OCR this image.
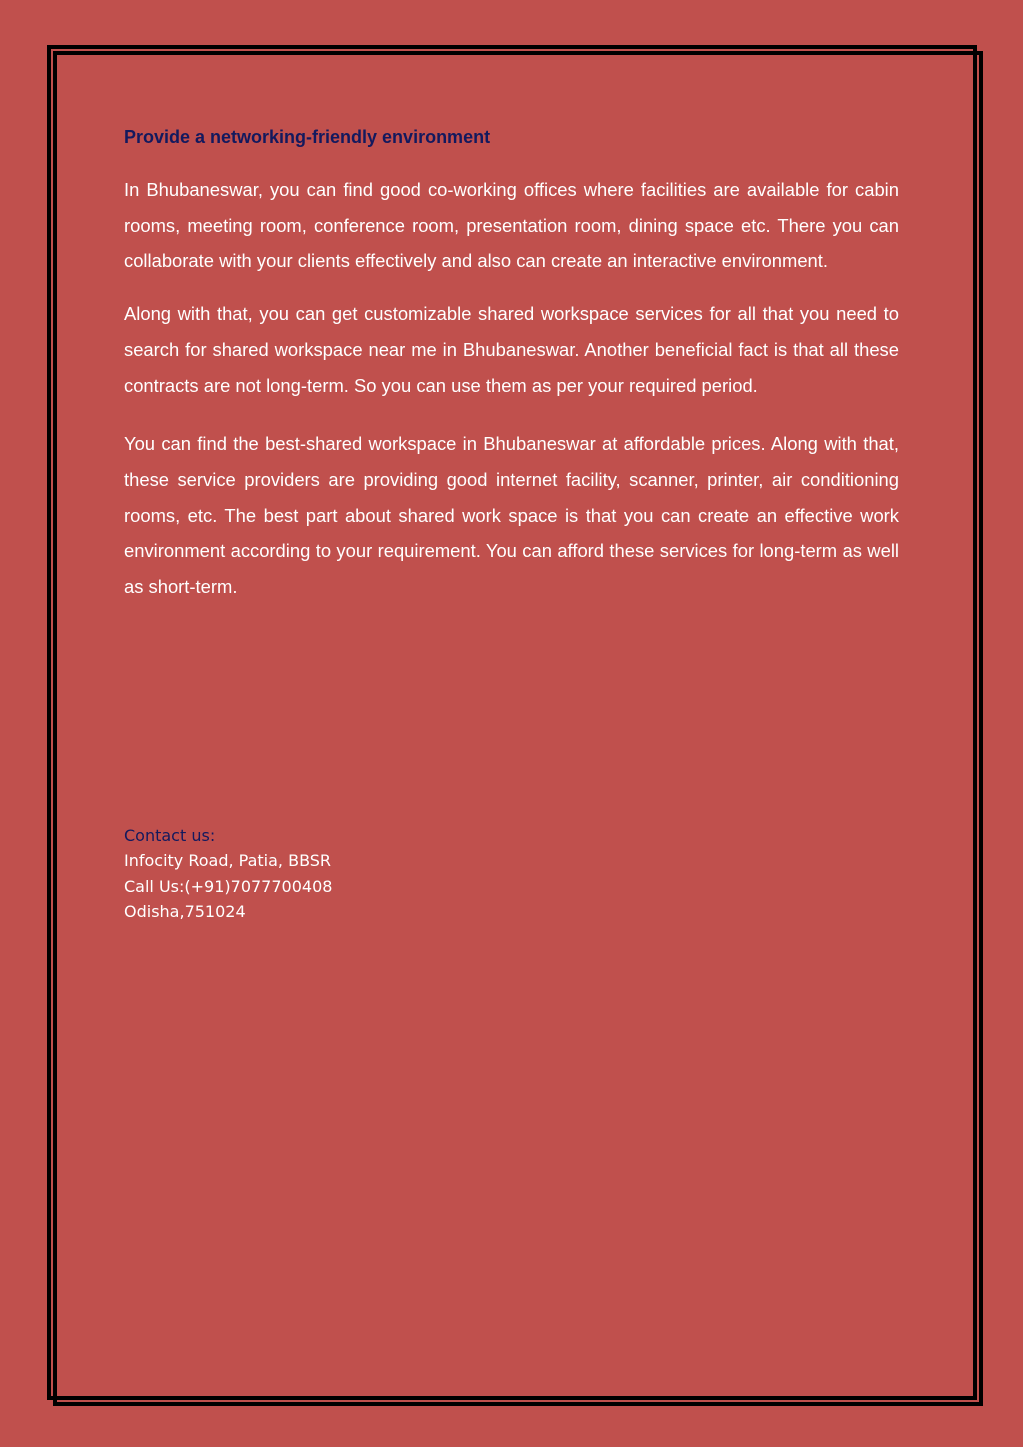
Provide a networking-friendly environment

In Bhubaneswar, you can find good co-working offices where facilities are available for cabin rooms, meeting room, conference room, presentation room, dining space etc. There you can collaborate with your clients effectively and also can create an interactive environment.

Along with that, you can get customizable shared workspace services for all that you need to search for shared workspace near me in Bhubaneswar. Another beneficial fact is that all these contracts are not long-term. So you can use them as per your required period.

You can find the best-shared workspace in Bhubaneswar at affordable prices. Along with that, these service providers are providing good internet facility, scanner, printer, air conditioning rooms, etc. The best part about shared work space is that you can create an effective work environment according to your requirement. You can afford these services for long-term as well as short-term.

Contact us:
Infocity Road, Patia, BBSR
Call Us:(+91)7077700408
Odisha,751024
